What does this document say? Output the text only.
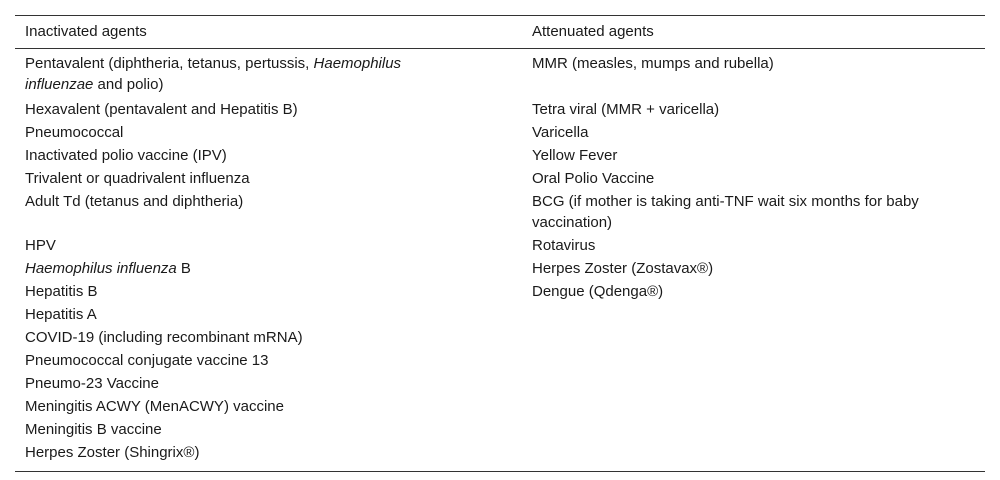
Inactivated agents	Attenuated agents
Pentavalent (diphtheria, tetanus, pertussis, Haemophilus influenzae and polio)
Hexavalent (pentavalent and Hepatitis B)
Pneumococcal
Inactivated polio vaccine (IPV)
Trivalent or quadrivalent influenza
Adult Td (tetanus and diphtheria)
HPV
Haemophilus influenza B
Hepatitis B
Hepatitis A
COVID-19 (including recombinant mRNA)
Pneumococcal conjugate vaccine 13
Pneumo-23 Vaccine
Meningitis ACWY (MenACWY) vaccine
Meningitis B vaccine
Herpes Zoster (Shingrix®)
MMR (measles, mumps and rubella)
Tetra viral (MMR + varicella)
Varicella
Yellow Fever
Oral Polio Vaccine
BCG (if mother is taking anti-TNF wait six months for baby vaccination)
Rotavirus
Herpes Zoster (Zostavax®)
Dengue (Qdenga®)
